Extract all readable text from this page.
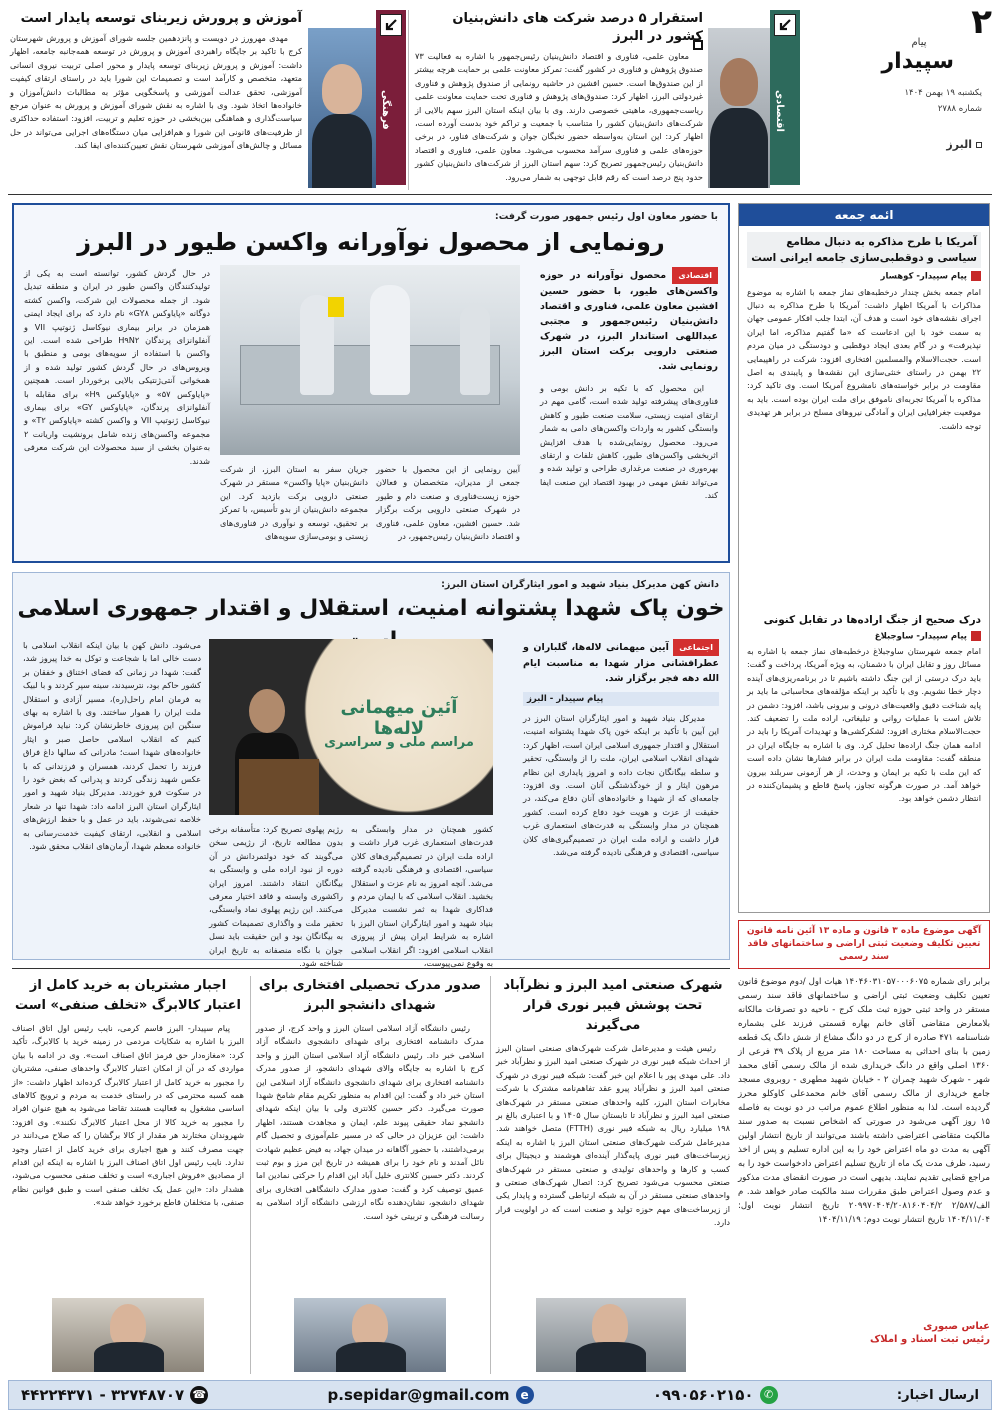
۲
پیام سپیدار
یکشنبه ۱۹ بهمن ۱۴۰۴
شماره ۲۷۸۸
البرز
اقتصادی
استقرار ۵ درصد شرکت های دانش‌بنیان کشور در البرز
معاون علمی، فناوری و اقتصاد دانش‌بنیان رئیس‌جمهور با اشاره به فعالیت ۷۳ صندوق پژوهش و فناوری در کشور گفت: تمرکز معاونت علمی بر حمایت هرچه بیشتر از این صندوق‌ها است. حسین افشین در حاشیه رونمایی از صندوق پژوهش و فناوری غیردولتی البرز، اظهار کرد: صندوق‌های پژوهش و فناوری تحت حمایت معاونت علمی ریاست‌جمهوری، ماهیتی خصوصی دارند. وی با بیان اینکه استان البرز سهم بالایی از شرکت‌های دانش‌بنیان کشور را متناسب با جمعیت و تراکم خود بدست آورده است، اظهار کرد: این استان به‌واسطه حضور نخبگان جوان و شرکت‌های فناور، در برخی حوزه‌های علمی و فناوری سرآمد محسوب می‌شود. معاون علمی، فناوری و اقتصاد دانش‌بنیان رئیس‌جمهور تصریح کرد: سهم استان البرز از شرکت‌های دانش‌بنیان کشور حدود پنج درصد است که رقم قابل توجهی به شمار می‌رود.
فرهنگی
آموزش و پرورش زیربنای توسعه پایدار است
مهدی مهرورز در دویست و پانزدهمین جلسه شورای آموزش و پرورش شهرستان کرج با تاکید بر جایگاه راهبردی آموزش و پرورش در توسعه همه‌جانبه جامعه، اظهار داشت: آموزش و پرورش زیربنای توسعه پایدار و محور اصلی تربیت نیروی انسانی متعهد، متخصص و کارآمد است و تصمیمات این شورا باید در راستای ارتقای کیفیت آموزشی، تحقق عدالت آموزشی و پاسخگویی مؤثر به مطالبات دانش‌آموزان و خانواده‌ها اتخاذ شود. وی با اشاره به نقش شورای آموزش و پرورش به عنوان مرجع سیاست‌گذاری و هماهنگی بین‌بخشی در حوزه تعلیم و تربیت، افزود: استفاده حداکثری از ظرفیت‌های قانونی این شورا و هم‌افزایی میان دستگاه‌های اجرایی می‌تواند در حل مسائل و چالش‌های آموزشی شهرستان نقش تعیین‌کننده‌ای ایفا کند.
با حضور معاون اول رئیس جمهور صورت گرفت:
رونمایی از محصول نوآورانه واکسن طیور در البرز
اقتصادی محصول نوآورانه در حوزه واکسن‌های طیور، با حضور حسین افشین معاون علمی، فناوری و اقتصاد دانش‌بنیان رئیس‌جمهور و مجتبی عبداللهی استاندار البرز، در شهرک صنعتی دارویی برکت استان البرز رونمایی شد.
این محصول که با تکیه بر دانش بومی و فناوری‌های پیشرفته تولید شده است، گامی مهم در ارتقای امنیت زیستی، سلامت صنعت طیور و کاهش وابستگی کشور به واردات واکسن‌های دامی به شمار می‌رود. محصول رونمایی‌شده با هدف افزایش اثربخشی واکسن‌های طیور، کاهش تلفات و ارتقای بهره‌وری در صنعت مرغداری طراحی و تولید شده و می‌تواند نقش مهمی در بهبود اقتصاد این صنعت ایفا کند.
آیین رونمایی از این محصول با حضور جمعی از مدیران، متخصصان و فعالان حوزه زیست‌فناوری و صنعت دام و طیور در شهرک صنعتی دارویی برکت برگزار شد. حسین افشین، معاون علمی، فناوری و اقتصاد دانش‌بنیان رئیس‌جمهور، در
جریان سفر به استان البرز، از شرکت دانش‌بنیان «پایا واکسن» مستقر در شهرک صنعتی دارویی برکت بازدید کرد. این مجموعه دانش‌بنیان از بدو تأسیس، با تمرکز بر تحقیق، توسعه و نوآوری در فناوری‌های زیستی و بومی‌سازی سویه‌های
در حال گردش کشور، توانسته است به یکی از تولیدکنندگان واکسن طیور در ایران و منطقه تبدیل شود. از جمله محصولات این شرکت، واکسن کشته دوگانه «پایاوکس GY۸» نام دارد که برای ایجاد ایمنی همزمان در برابر بیماری نیوکاسل ژنوتیپ VII و آنفلوانزای پرندگان H۹N۲ طراحی شده است. این واکسن با استفاده از سویه‌های بومی و منطبق با ویروس‌های در حال گردش کشور تولید شده و از همخوانی آنتی‌ژنتیکی بالایی برخوردار است. همچنین «پایاوکس ۵۷» و «پایاوکس H۹» برای مقابله با آنفلوانزای پرندگان، «پایاوکس GY» برای بیماری نیوکاسل ژنوتیپ VII و واکسن کشته «پایاوکس T۲» و مجموعه واکسن‌های زنده شامل برونشیت واریانت ۲ به‌عنوان بخشی از سبد محصولات این شرکت معرفی شدند.
دانش کهن مدیرکل بنیاد شهید و امور ایثارگران استان البرز:
خون پاک شهدا پشتوانه امنیت، استقلال و اقتدار جمهوری اسلامی
آئین میهمانی لاله‌ها
مراسم ملی و سراسری
اجتماعی آیین میهمانی لاله‌ها، گلباران و عطرافشانی مزار شهدا به مناسبت ایام الله دهه فجر برگزار شد.
پیام سپیدار - البرز
مدیرکل بنیاد شهید و امور ایثارگران استان البرز در این آیین با تأکید بر اینکه خون پاک شهدا پشتوانه امنیت، استقلال و اقتدار جمهوری اسلامی ایران است، اظهار کرد: شهدای انقلاب اسلامی ایران، ملت را از وابستگی، تحقیر و سلطه بیگانگان نجات داده و امروز پایداری این نظام مرهون ایثار و از خودگذشتگی آنان است. وی افزود: جامعه‌ای که از شهدا و خانواده‌های آنان دفاع می‌کند، در حقیقت از عزت و هویت خود دفاع کرده است. کشور همچنان در مدار وابستگی به قدرت‌های استعماری غرب قرار داشت و اراده ملت ایران در تصمیم‌گیری‌های کلان سیاسی، اقتصادی و فرهنگی نادیده گرفته می‌شد.
کشور همچنان در مدار وابستگی به قدرت‌های استعماری غرب قرار داشت و اراده ملت ایران در تصمیم‌گیری‌های کلان سیاسی، اقتصادی و فرهنگی نادیده گرفته می‌شد. آنچه امروز به نام عزت و استقلال بخشید. انقلاب اسلامی که با ایمان مردم و فداکاری شهدا به ثمر نشست مدیرکل بنیاد شهید و امور ایثارگران استان البرز با اشاره به شرایط ایران پیش از پیروزی انقلاب اسلامی افزود: اگر انقلاب اسلامی به وقوع نمی‌پیوست،
رژیم پهلوی تصریح کرد: متأسفانه برخی بدون مطالعه تاریخ، از رژیمی سخن می‌گویند که خود دولتمردانش در آن دوره از نبود اراده ملی و وابستگی به بیگانگان انتقاد داشتند. امروز ایران راکشوری وابسته و فاقد اختیار معرفی می‌کنند. این رژیم پهلوی نماد وابستگی، تحقیر ملت و واگذاری تصمیمات کشور به بیگانگان بود و این حقیقت باید نسل جوان با نگاه منصفانه به تاریخ ایران شناخته شود.
می‌شود. دانش کهن با بیان اینکه انقلاب اسلامی با دست خالی اما با شجاعت و توکل به خدا پیروز شد، گفت: شهدا در زمانی که فضای اختناق و خفقان بر کشور حاکم بود، نترسیدند، سینه سپر کردند و با لبیک به فرمان امام راحل(ره)، مسیر آزادی و استقلال ملت ایران را هموار ساختند. وی با اشاره به بهای سنگین این پیروزی خاطرنشان کرد: نباید فراموش کنیم که انقلاب اسلامی حاصل صبر و ایثار خانواده‌های شهدا است؛ مادرانی که سالها داغ فراق فرزند را تحمل کردند، همسران و فرزندانی که با عکس شهید زندگی کردند و پدرانی که بغض خود را در سکوت فرو خوردند. مدیرکل بنیاد شهید و امور ایثارگران استان البرز ادامه داد: شهدا تنها در شعار خلاصه نمی‌شوند، باید در عمل و با حفظ ارزش‌های اسلامی و انقلابی، ارتقای کیفیت خدمت‌رسانی به خانواده معظم شهدا، آرمان‌های انقلاب محقق شود.
ائمه جمعه
آمریکا با طرح مذاکره به دنبال مطامع سیاسی و دوقطبی‌سازی جامعه ایرانی است
پیام سپیدار- کوهسار
امام جمعه بخش چندار درخطبه‌های نماز جمعه با اشاره به موضوع مذاکرات با آمریکا اظهار داشت: آمریکا با طرح مذاکره به دنبال اجرای نقشه‌های خود است و هدف آن، ابتدا جلب افکار عمومی جهان به سمت خود با این ادعاست که «ما گفتیم مذاکره، اما ایران نپذیرفت» و در گام بعدی ایجاد دوقطبی و دودستگی در میان مردم است. حجت‌الاسلام والمسلمین افتخاری افزود: شرکت در راهپیمایی ۲۲ بهمن در راستای خنثی‌سازی این نقشه‌ها و پایبندی به اصل مقاومت در برابر خواسته‌های نامشروع آمریکا است. وی تاکید کرد: مذاکره با آمریکا تجربه‌ای ناموفق برای ملت ایران بوده است. باید به موقعیت جغرافیایی ایران و آمادگی نیروهای مسلح در برابر هر تهدیدی توجه داشت.
درک صحیح از جنگ اراده‌ها در تقابل کنونی
پیام سپیدار- ساوجبلاغ
امام جمعه شهرستان ساوجبلاغ درخطبه‌های نماز جمعه با اشاره به مسائل روز و تقابل ایران با دشمنان، به ویژه آمریکا، پرداخت و گفت: باید درک درستی از این جنگ داشته باشیم تا در برنامه‌ریزی‌های آینده دچار خطا نشویم. وی با تأکید بر اینکه مؤلفه‌های محاسباتی ما باید بر پایه شناخت دقیق واقعیت‌های درونی و بیرونی باشد، افزود: دشمن در تلاش است با عملیات روانی و تبلیغاتی، اراده ملت را تضعیف کند. حجت‌الاسلام مختاری افزود: لشکرکشی‌ها و تهدیدات آمریکا را باید در ادامه همان جنگ اراده‌ها تحلیل کرد. وی با اشاره به جایگاه ایران در منطقه گفت: مقاومت ملت ایران در برابر فشارها نشان داده است که این ملت با تکیه بر ایمان و وحدت، از هر آزمونی سربلند بیرون خواهد آمد. در صورت هرگونه تجاوز، پاسخ قاطع و پشیمان‌کننده در انتظار دشمن خواهد بود.
آگهی موضوع ماده ۳ قانون و ماده ۱۳ آئین نامه قانون تعیین تکلیف وضعیت ثبتی اراضی و ساختمانهای فاقد سند رسمی
برابر رای شماره ۱۴۰۴۶۰۳۱۰۵۷۰۰۰۶۰۷۵ هیات اول /دوم موضوع قانون تعیین تکلیف وضعیت ثبتی اراضی و ساختمانهای فاقد سند رسمی مستقر در واحد ثبتی حوزه ثبت ملک کرج - ناحیه دو تصرفات مالکانه بلامعارض متقاضی آقای خانم بهاره قسمتی فرزند علی بشماره شناسنامه ۴۷۱ صادره از کرج در دو دانگ مشاع از شش دانگ یک قطعه زمین با بنای احداثی به مساحت ۱۸۰ متر مربع از پلاک ۳۹ فرعی از ۱۳۶۰ اصلی واقع در دانگ خریداری شده از مالک رسمی آقای محمد شهر - شهرک شهید چمران ۲ - خیابان شهید مطهری - روبروی مسجد جامع خریداری از مالک رسمی آقای خانم محمدعلی کاوکلو محرز گردیده است. لذا به منظور اطلاع عموم مراتب در دو نوبت به فاصله ۱۵ روز آگهی می‌شود در صورتی که اشخاص نسبت به صدور سند مالکیت متقاضی اعتراضی داشته باشند می‌توانند از تاریخ انتشار اولین آگهی به مدت دو ماه اعتراض خود را به این اداره تسلیم و پس از اخذ رسید، ظرف مدت یک ماه از تاریخ تسلیم اعتراض دادخواست خود را به مراجع قضایی تقدیم نمایند. بدیهی است در صورت انقضای مدت مذکور و عدم وصول اعتراض طبق مقررات سند مالکیت صادر خواهد شد. م الف/۲/۵۸۷ ۲۰۹۹۷۰۴۰۴/۲۰۸۱۶۰۴۰۴/۲ تاریخ انتشار نوبت اول: ۱۴۰۴/۱۱/۰۴ تاریخ انتشار نوبت دوم: ۱۴۰۴/۱۱/۱۹
عباس صبوری
رئیس ثبت اسناد و املاک
شهرک صنعتی امید البرز و نظرآباد تحت پوشش فیبر نوری قرار می‌گیرند
رئیس هیئت و مدیرعامل شرکت شهرک‌های صنعتی استان البرز از احداث شبکه فیبر نوری در شهرک صنعتی امید البرز و نظرآباد خبر داد. علی مهدی پور با اعلام این خبر گفت: شبکه فیبر نوری در شهرک صنعتی امید البرز و نظرآباد پیرو عقد تفاهم‌نامه مشترک با شرکت مخابرات استان البرز، کلیه واحدهای صنعتی مستقر در شهرک‌های صنعتی امید البرز و نظرآباد تا تابستان سال ۱۴۰۵ و با اعتباری بالغ بر ۱۹۸ میلیارد ریال به شبکه فیبر نوری (FTTH) متصل خواهند شد. مدیرعامل شرکت شهرک‌های صنعتی استان البرز با اشاره به اینکه زیرساخت‌های فیبر نوری پایه‌گذار آینده‌ای هوشمند و دیجیتال برای کسب و کارها و واحدهای تولیدی و صنعتی مستقر در شهرک‌های صنعتی محسوب می‌شود تصریح کرد: اتصال شهرک‌های صنعتی و واحدهای صنعتی مستقر در آن به شبکه ارتباطی گسترده و پایدار یکی از زیرساخت‌های مهم حوزه تولید و صنعت است که در اولویت قرار دارد.
صدور مدرک تحصیلی افتخاری برای شهدای دانشجو البرز
رئیس دانشگاه آزاد اسلامی استان البرز و واحد کرج، از صدور مدرک دانشنامه افتخاری برای شهدای دانشجوی دانشگاه آزاد اسلامی خبر داد. رئیس دانشگاه آزاد اسلامی استان البرز و واحد کرج با اشاره به جایگاه والای شهدای دانشجو، از صدور مدرک دانشنامه افتخاری برای شهدای دانشجوی دانشگاه آزاد اسلامی این استان خبر داد و گفت: این اقدام به منظور تکریم مقام شامخ شهدا صورت می‌گیرد. دکتر حسین کلانتری ولی با بیان اینکه شهدای دانشجو نماد حقیقی پیوند علم، ایمان و مجاهدت هستند، اظهار داشت: این عزیزان در حالی که در مسیر علم‌آموزی و تحصیل گام برمی‌داشتند، با حضور آگاهانه در میدان جهاد، به فیض عظیم شهادت نائل آمدند و نام خود را برای همیشه در تاریخ این مرز و بوم ثبت کردند. دکتر حسین کلانتری خلیل آباد این اقدام را حرکتی نمادین اما عمیق توصیف کرد و گفت: صدور مدارک دانشگاهی افتخاری برای شهدای دانشجو، نشان‌دهنده نگاه ارزشی دانشگاه آزاد اسلامی به رسالت فرهنگی و تربیتی خود است.
اجبار مشتریان به خرید کامل از اعتبار کالابرگ «تخلف صنفی» است
پیام سپیدار- البرز قاسم کرمی، نایب رئیس اول اتاق اصناف البرز با اشاره به شکایات مردمی در زمینه خرید با کالابرگ، تأکید کرد: «مغازه‌دار حق فرمز اتاق اصناف است». وی در ادامه با بیان مواردی که در آن از امکان اعتبار کالابرگ واحدهای صنفی، مشتریان را مجبور به خرید کامل از اعتبار کالابرگ کرده‌اند اظهار داشت: «از همه کسبه محترمی که در راستای خدمت به مردم و ترویج کالاهای اساسی مشغول به فعالیت هستند تقاضا می‌شود به هیچ عنوان افراد را مجبور به خرید کالا از محل اعتبار کالابرگ نکنند». وی افزود: شهروندان مختارند هر مقدار از کالا برگشان را که صلاح می‌دانند در جهت مصرف کنند و هیچ اجباری برای خرید کامل از اعتبار وجود ندارد. نایب رئیس اول اتاق اصناف البرز با اشاره به اینکه این اقدام از مصادیق «فروش اجباری» است و تخلف صنفی محسوب می‌شود، هشدار داد: «این عمل یک تخلف صنفی است و طبق قوانین نظام صنفی، با متخلفان قاطع برخورد خواهد شد».
ارسال اخبار:
✆
۰۹۹۰۵۶۰۲۱۵۰
e
p.sepidar@gmail.com
☎
۳۲۷۴۸۷۰۷ - ۴۴۲۲۴۳۷۱
